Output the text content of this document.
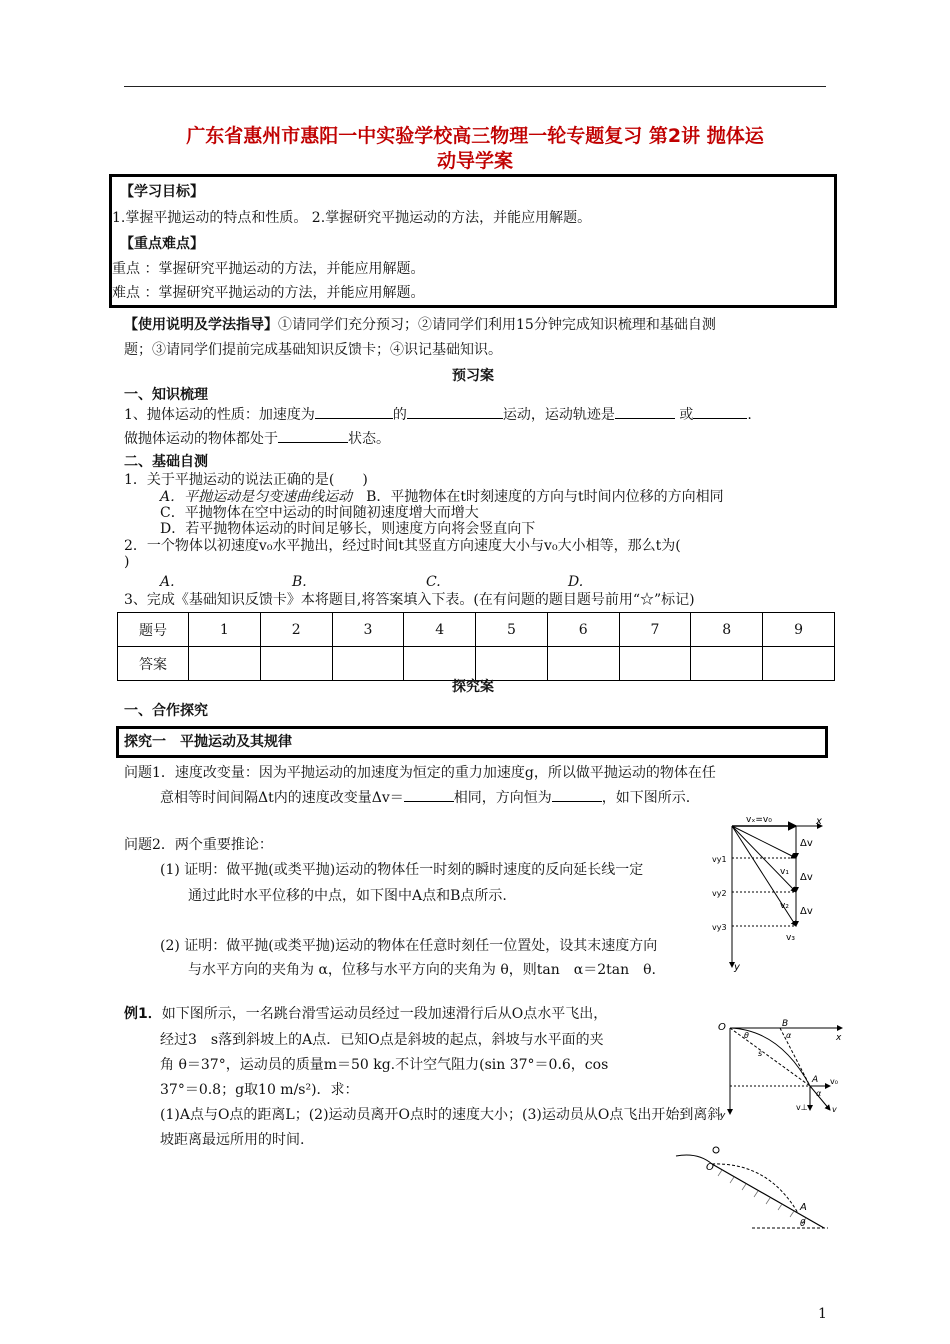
广东省惠州市惠阳一中实验学校高三物理一轮专题复习 第2讲 抛体运
动导学案
【学习目标】
1.掌握平抛运动的特点和性质。 2.掌握研究平抛运动的方法，并能应用解题。
【重点难点】
重点 ：掌握研究平抛运动的方法，并能应用解题。
难点 ：掌握研究平抛运动的方法，并能应用解题。
【使用说明及学法指导】①请同学们充分预习；②请同学们利用15分钟完成知识梳理和基础自测
题；③请同学们提前完成基础知识反馈卡；④识记基础知识。
预习案
一、知识梳理
1、抛体运动的性质：加速度为	的	运动，运动轨迹是	或	.
做抛体运动的物体都处于	状态。
二、基础自测
1．关于平抛运动的说法正确的是(　　)
A．平抛运动是匀变速曲线运动　 B．平抛物体在t时刻速度的方向与t时间内位移的方向相同
C．平抛物体在空中运动的时间随初速度增大而增大
D．若平抛物体运动的时间足够长，则速度方向将会竖直向下
2．一个物体以初速度v₀水平抛出，经过时间t其竖直方向速度大小与v₀大小相等，那么t为(
)
A.	B.	C.	D.
3、完成《基础知识反馈卡》本将题目,将答案填入下表。(在有问题的题目题号前用“☆”标记)
题号	1	2	3	4	5	6	7	8	9
答案									
探究案
一、合作探究
探究一　平抛运动及其规律
问题1．速度改变量：因为平抛运动的加速度为恒定的重力加速度g，所以做平抛运动的物体在任
意相等时间间隔Δt内的速度改变量Δv＝	相同，方向恒为	，如下图所示.
问题2．两个重要推论：
(1) 证明：做平抛(或类平抛)运动的物体任一时刻的瞬时速度的反向延长线一定
通过此时水平位移的中点，如下图中A点和B点所示.
(2) 证明：做平抛(或类平抛)运动的物体在任意时刻任一位置处，设其末速度方向
与水平方向的夹角为 α，位移与水平方向的夹角为 θ，则tan　α＝2tan　θ.
vₓ=v₀	x
y
Δv
Δv
Δv
v₁
v₂
v₃
vy1
vy2
vy3
例1．如下图所示，一名跳台滑雪运动员经过一段加速滑行后从O点水平飞出，
经过3　s落到斜坡上的A点．已知O点是斜坡的起点，斜坡与水平面的夹
角 θ＝37°，运动员的质量m＝50 kg.不计空气阻力(sin 37°＝0.6，cos
37°＝0.8；g取10 m/s²)．求：
(1)A点与O点的距离L；(2)运动员离开O点时的速度大小；(3)运动员从O点飞出开始到离斜
坡距离最远所用的时间.
O	B
x
y
θ	α
s
A
α
v₀
v⊥	v
O
A
θ
1
